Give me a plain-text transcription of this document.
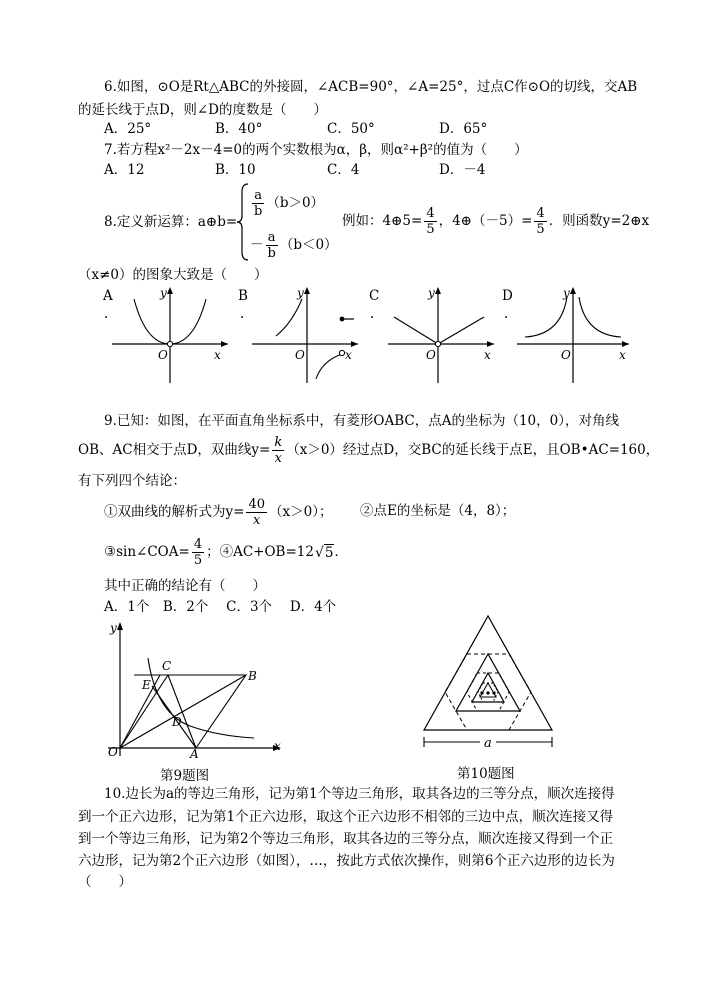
6.如图，⊙O是Rt△ABC的外接圆，∠ACB=90°，∠A=25°，过点C作⊙O的切线，交AB
的延长线于点D，则∠D的度数是（　　）
A．25°	B．40°	C．50°	D．65°
7.若方程x²－2x－4=0的两个实数根为α，β，则α²+β²的值为（　　）
A．12	B．10	C．4	D．－4
8.定义新运算：a⊕b=
$\frac{a}{b} (b>0)$
－ $\frac{a}{b} (b<0)$
例如：4⊕5= $\frac{4}{5}$ ，4⊕（－5）= $\frac{4}{5}$ ．则函数y=2⊕x
（x≠0）的图象大致是（　　）
A
.
y
x
O
B
.
y
x
O
C
.
y
x
O
D
.
y
x
O
9.已知：如图，在平面直角坐标系中，有菱形OABC，点A的坐标为（10，0），对角线
OB、AC相交于点D，双曲线$y= \frac{k}{x} (x>0)$经过点D，交BC的延长线于点E，且OB•AC=160，
有下列四个结论：
①双曲线的解析式为$y= \frac{40}{x} (x>0)$； ②点E的坐标是（4，8）；
③sin∠COA= $\frac{4}{5}$ ；④AC+OB=12√5．
其中正确的结论有（　　）
A．1个　B．2个　 C．3个　 D．4个
y
x
O	A
B
C
D
E
第9题图
a
第10题图
10.边长为a的等边三角形，记为第1个等边三角形，取其各边的三等分点，顺次连接得
到一个正六边形，记为第1个正六边形，取这个正六边形不相邻的三边中点，顺次连接又得
到一个等边三角形，记为第2个等边三角形，取其各边的三等分点，顺次连接又得到一个正
六边形，记为第2个正六边形（如图），…，按此方式依次操作，则第6个正六边形的边长为
（　　）
